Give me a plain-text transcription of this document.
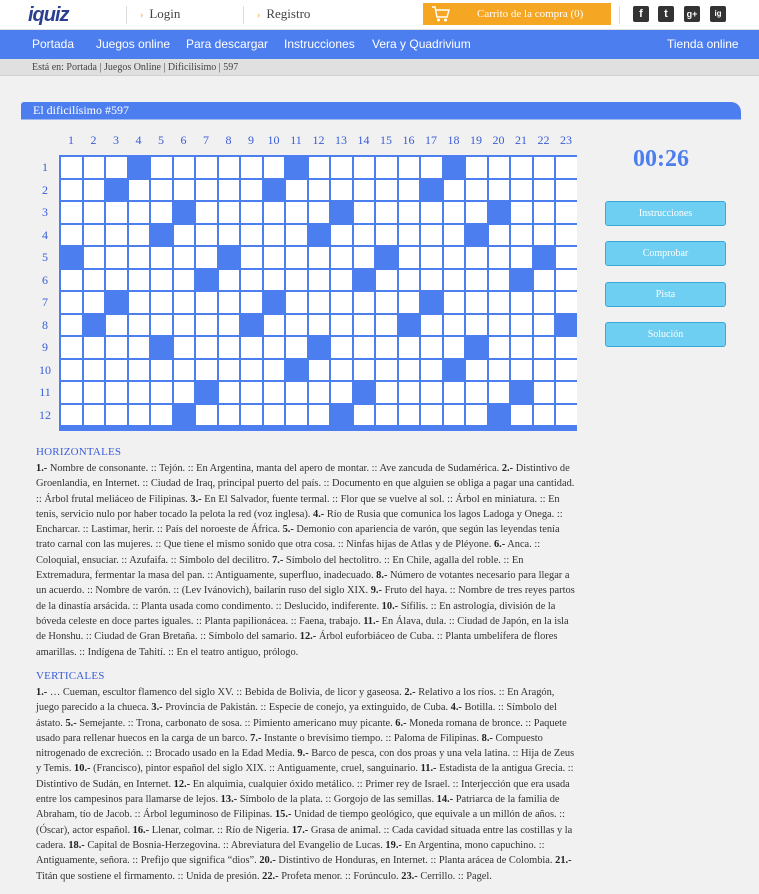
iquiz	› Login	› Registro	Carrito de la compra (0)	f	t	g+	ig
Portada Juegos online Para descargar Instrucciones Vera y Quadrivium	Tienda online
Está en: Portada | Juegos Online | Dificilisimo | 597
El dificilísimo #597
1	2	3	4	5	6	7	8	9	10 11 12 13 14 15 16 17 18 19 20 21 22 23
1
2
3
4
5
6
7
8
9
10
11
12
00:26
Instrucciones
Comprobar
Pista
Solución
HORIZONTALES
1.- Nombre de consonante. :: Tejón. :: En Argentina, manta del apero de montar. :: Ave zancuda de Sudamérica. 2.- Distintivo de Groenlandia, en Internet. :: Ciudad de Iraq, principal puerto del país. :: Documento en que alguien se obliga a pagar una cantidad. :: Árbol frutal meliáceo de Filipinas. 3.- En El Salvador, fuente termal. :: Flor que se vuelve al sol. :: Árbol en miniatura. :: En tenis, servicio nulo por haber tocado la pelota la red (voz inglesa). 4.- Río de Rusia que comunica los lagos Ladoga y Onega. :: Encharcar. :: Lastimar, herir. :: País del noroeste de África. 5.- Demonio con apariencia de varón, que según las leyendas tenía trato carnal con las mujeres. :: Que tiene el mismo sonido que otra cosa. :: Ninfas hijas de Atlas y de Pléyone. 6.- Anca. :: Coloquial, ensuciar. :: Azufaifa. :: Símbolo del decilitro. 7.- Símbolo del hectolitro. :: En Chile, agalla del roble. :: En Extremadura, fermentar la masa del pan. :: Antiguamente, superfluo, inadecuado. 8.- Número de votantes necesario para llegar a un acuerdo. :: Nombre de varón. :: (Lev Ivánovich), bailarín ruso del siglo XIX. 9.- Fruto del haya. :: Nombre de tres reyes partos de la dinastía arsácida. :: Planta usada como condimento. :: Deslucido, indiferente. 10.- Sífilis. :: En astrología, división de la bóveda celeste en doce partes iguales. :: Planta papilionácea. :: Faena, trabajo. 11.- En Álava, dula. :: Ciudad de Japón, en la isla de Honshu. :: Ciudad de Gran Bretaña. :: Símbolo del samario. 12.- Árbol euforbiáceo de Cuba. :: Planta umbelífera de flores amarillas. :: Indígena de Tahití. :: En el teatro antiguo, prólogo.
VERTICALES
1.- … Cueman, escultor flamenco del siglo XV. :: Bebida de Bolivia, de licor y gaseosa. 2.- Relativo a los ríos. :: En Aragón, juego parecido a la chueca. 3.- Provincia de Pakistán. :: Especie de conejo, ya extinguido, de Cuba. 4.- Botilla. :: Símbolo del ástato. 5.- Semejante. :: Trona, carbonato de sosa. :: Pimiento americano muy picante. 6.- Moneda romana de bronce. :: Paquete usado para rellenar huecos en la carga de un barco. 7.- Instante o brevísimo tiempo. :: Paloma de Filipinas. 8.- Compuesto nitrogenado de excreción. :: Brocado usado en la Edad Media. 9.- Barco de pesca, con dos proas y una vela latina. :: Hija de Zeus y Temis. 10.- (Francisco), pintor español del siglo XIX. :: Antiguamente, cruel, sanguinario. 11.- Estadista de la antigua Grecia. :: Distintivo de Sudán, en Internet. 12.- En alquimia, cualquier óxido metálico. :: Primer rey de Israel. :: Interjección que era usada entre los campesinos para llamarse de lejos. 13.- Símbolo de la plata. :: Gorgojo de las semillas. 14.- Patriarca de la familia de Abraham, tío de Jacob. :: Árbol leguminoso de Filipinas. 15.- Unidad de tiempo geológico, que equivale a un millón de años. :: (Óscar), actor español. 16.- Llenar, colmar. :: Río de Nigeria. 17.- Grasa de animal. :: Cada cavidad situada entre las costillas y la cadera. 18.- Capital de Bosnia-Herzegovina. :: Abreviatura del Evangelio de Lucas. 19.- En Argentina, mono capuchino. :: Antiguamente, señora. :: Prefijo que significa “dios”. 20.- Distintivo de Honduras, en Internet. :: Planta arácea de Colombia. 21.- Titán que sostiene el firmamento. :: Unida de presión. 22.- Profeta menor. :: Forúnculo. 23.- Cerrillo. :: Pagel.
